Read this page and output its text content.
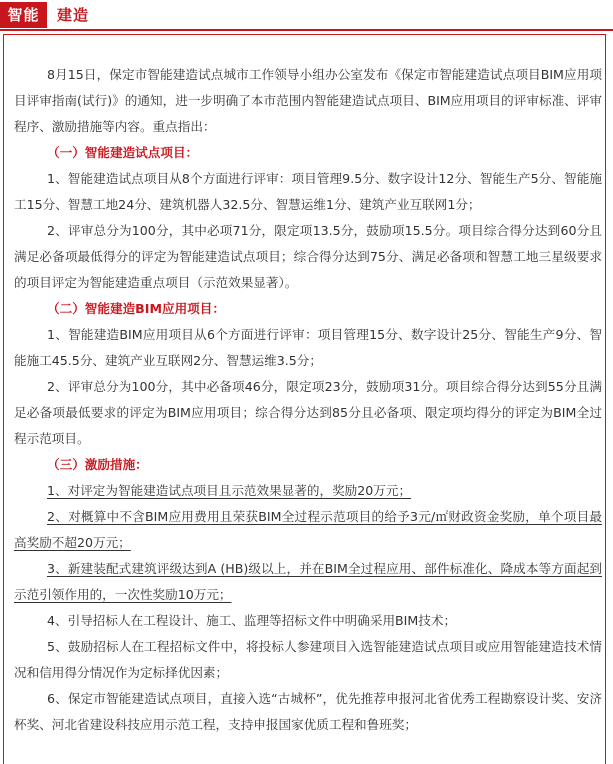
智能	建造

8月15日，保定市智能建造试点城市工作领导小组办公室发布《保定市智能建造试点项目BIM应用项目评审指南(试行)》的通知，进一步明确了本市范围内智能建造试点项目、BIM应用项目的评审标准、评审程序、激励措施等内容。重点指出：

（一）智能建造试点项目：

1、智能建造试点项目从8个方面进行评审：项目管理9.5分、数字设计12分、智能生产5分、智能施工15分、智慧工地24分、建筑机器人32.5分、智慧运维1分、建筑产业互联网1分；

2、评审总分为100分，其中必项71分，限定项13.5分，鼓励项15.5分。项目综合得分达到60分且满足必备项最低得分的评定为智能建造试点项目；综合得分达到75分、满足必备项和智慧工地三星级要求的项目评定为智能建造重点项目（示范效果显著）。

（二）智能建造BIM应用项目：

1、智能建造BIM应用项目从6个方面进行评审：项目管理15分、数字设计25分、智能生产9分、智能施工45.5分、建筑产业互联网2分、智慧运维3.5分；

2、评审总分为100分，其中必备项46分，限定项23分，鼓励项31分。项目综合得分达到55分且满足必备项最低要求的评定为BIM应用项目；综合得分达到85分且必备项、限定项均得分的评定为BIM全过程示范项目。

（三）激励措施：

1、对评定为智能建造试点项目且示范效果显著的，奖励20万元；

2、对概算中不含BIM应用费用且荣获BIM全过程示范项目的给予3元/㎡财政资金奖励，单个项目最高奖励不超20万元；

3、新建装配式建筑评级达到A (HB)级以上，并在BIM全过程应用、部件标准化、降成本等方面起到示范引领作用的，一次性奖励10万元；

4、引导招标人在工程设计、施工、监理等招标文件中明确采用BIM技术；

5、鼓励招标人在工程招标文件中，将投标人参建项目入选智能建造试点项目或应用智能建造技术情况和信用得分情况作为定标择优因素；

6、保定市智能建造试点项目，直接入选“古城杯”，优先推荐申报河北省优秀工程勘察设计奖、安济杯奖、河北省建设科技应用示范工程，支持申报国家优质工程和鲁班奖；
